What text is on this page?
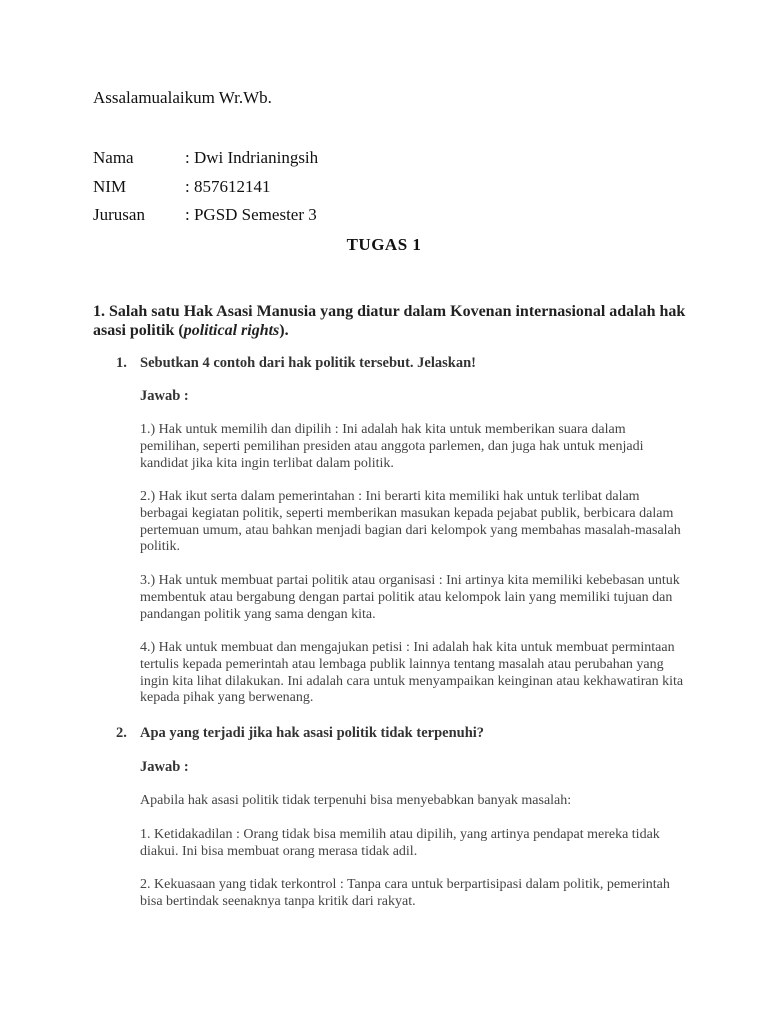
Assalamualaikum Wr.Wb.
Nama	: Dwi Indrianingsih
NIM	: 857612141
Jurusan : PGSD Semester 3
TUGAS 1
1. Salah satu Hak Asasi Manusia yang diatur dalam Kovenan internasional adalah hak asasi politik (political rights).
1. Sebutkan 4 contoh dari hak politik tersebut. Jelaskan!
Jawab :
1.) Hak untuk memilih dan dipilih : Ini adalah hak kita untuk memberikan suara dalam pemilihan, seperti pemilihan presiden atau anggota parlemen, dan juga hak untuk menjadi kandidat jika kita ingin terlibat dalam politik.
2.) Hak ikut serta dalam pemerintahan : Ini berarti kita memiliki hak untuk terlibat dalam berbagai kegiatan politik, seperti memberikan masukan kepada pejabat publik, berbicara dalam pertemuan umum, atau bahkan menjadi bagian dari kelompok yang membahas masalah-masalah politik.
3.) Hak untuk membuat partai politik atau organisasi : Ini artinya kita memiliki kebebasan untuk membentuk atau bergabung dengan partai politik atau kelompok lain yang memiliki tujuan dan pandangan politik yang sama dengan kita.
4.) Hak untuk membuat dan mengajukan petisi : Ini adalah hak kita untuk membuat permintaan tertulis kepada pemerintah atau lembaga publik lainnya tentang masalah atau perubahan yang ingin kita lihat dilakukan. Ini adalah cara untuk menyampaikan keinginan atau kekhawatiran kita kepada pihak yang berwenang.
2. Apa yang terjadi jika hak asasi politik tidak terpenuhi?
Jawab :
Apabila hak asasi politik tidak terpenuhi bisa menyebabkan banyak masalah:
1. Ketidakadilan : Orang tidak bisa memilih atau dipilih, yang artinya pendapat mereka tidak diakui. Ini bisa membuat orang merasa tidak adil.
2. Kekuasaan yang tidak terkontrol : Tanpa cara untuk berpartisipasi dalam politik, pemerintah bisa bertindak seenaknya tanpa kritik dari rakyat.
